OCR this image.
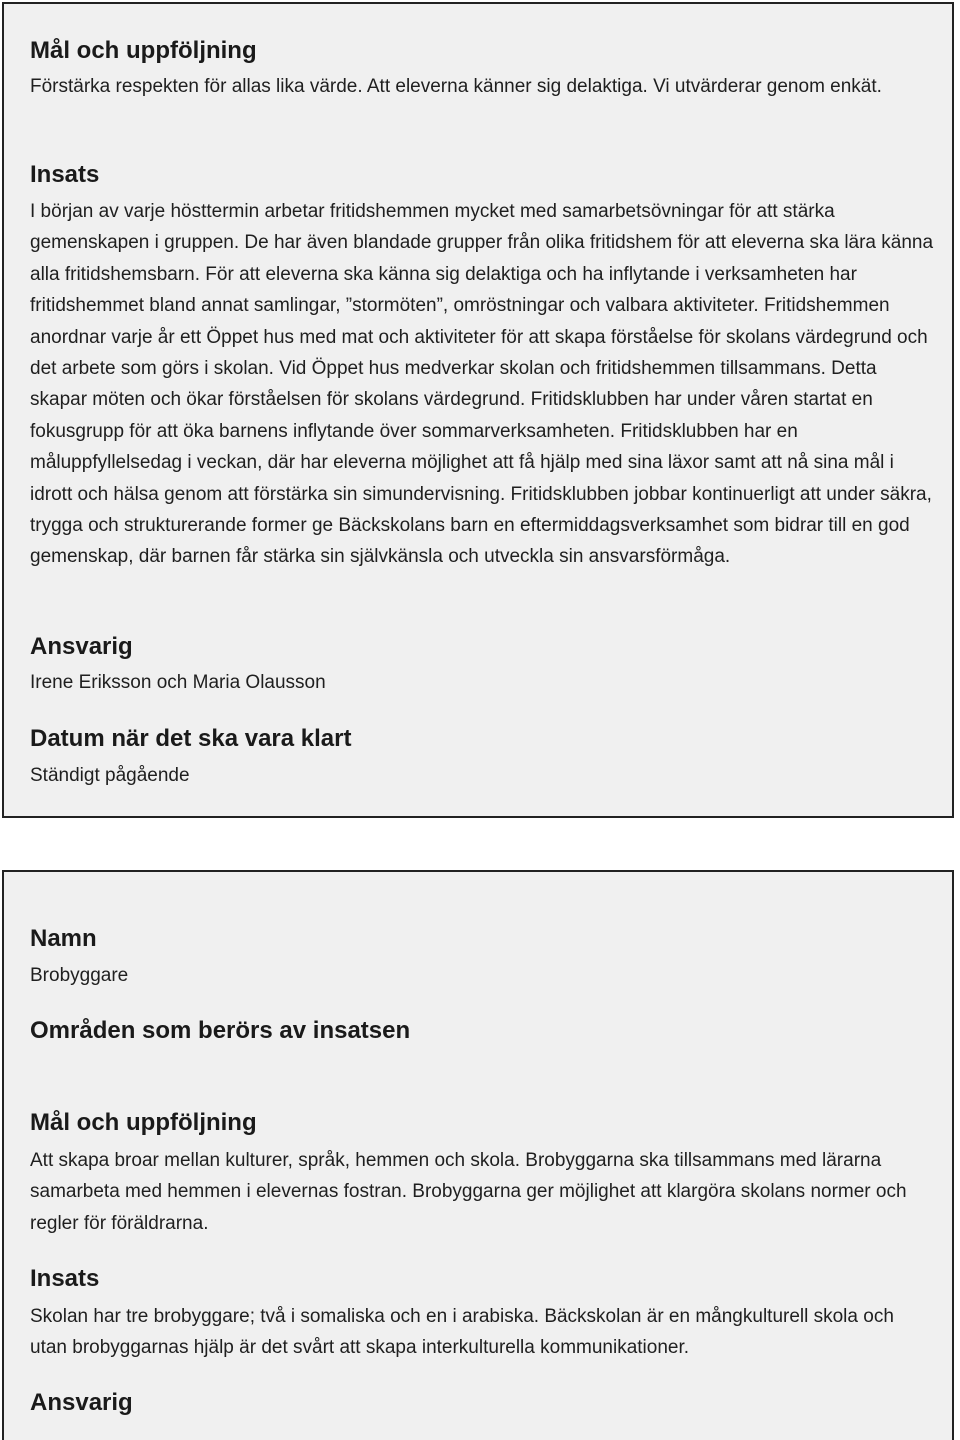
Mål och uppföljning

Förstärka respekten för allas lika värde. Att eleverna känner sig delaktiga. Vi utvärderar genom enkät.

Insats

I början av varje hösttermin arbetar fritidshemmen mycket med samarbetsövningar för att stärka gemenskapen i gruppen. De har även blandade grupper från olika fritidshem för att eleverna ska lära känna alla fritidshemsbarn. För att eleverna ska känna sig delaktiga och ha inflytande i verksamheten har fritidshemmet bland annat samlingar, ”stormöten”, omröstningar och valbara aktiviteter. Fritidshemmen anordnar varje år ett Öppet hus med mat och aktiviteter för att skapa förståelse för skolans värdegrund och det arbete som görs i skolan. Vid Öppet hus medverkar skolan och fritidshemmen tillsammans. Detta skapar möten och ökar förståelsen för skolans värdegrund. Fritidsklubben har under våren startat en fokusgrupp för att öka barnens inflytande över sommarverksamheten. Fritidsklubben har en måluppfyllelsedag i veckan, där har eleverna möjlighet att få hjälp med sina läxor samt att nå sina mål i idrott och hälsa genom att förstärka sin simundervisning. Fritidsklubben jobbar kontinuerligt att under säkra, trygga och strukturerande former ge Bäckskolans barn en eftermiddagsverksamhet som bidrar till en god gemenskap, där barnen får stärka sin självkänsla och utveckla sin ansvarsförmåga.

Ansvarig

Irene Eriksson och Maria Olausson

Datum när det ska vara klart

Ständigt pågående

Namn

Brobyggare

Områden som berörs av insatsen
Mål och uppföljning

Att skapa broar mellan kulturer, språk, hemmen och skola. Brobyggarna ska tillsammans med lärarna samarbeta med hemmen i elevernas fostran. Brobyggarna ger möjlighet att klargöra skolans normer och regler för föräldrarna.

Insats

Skolan har tre brobyggare; två i somaliska och en i arabiska. Bäckskolan är en mångkulturell skola och utan brobyggarnas hjälp är det svårt att skapa interkulturella kommunikationer.

Ansvarig
